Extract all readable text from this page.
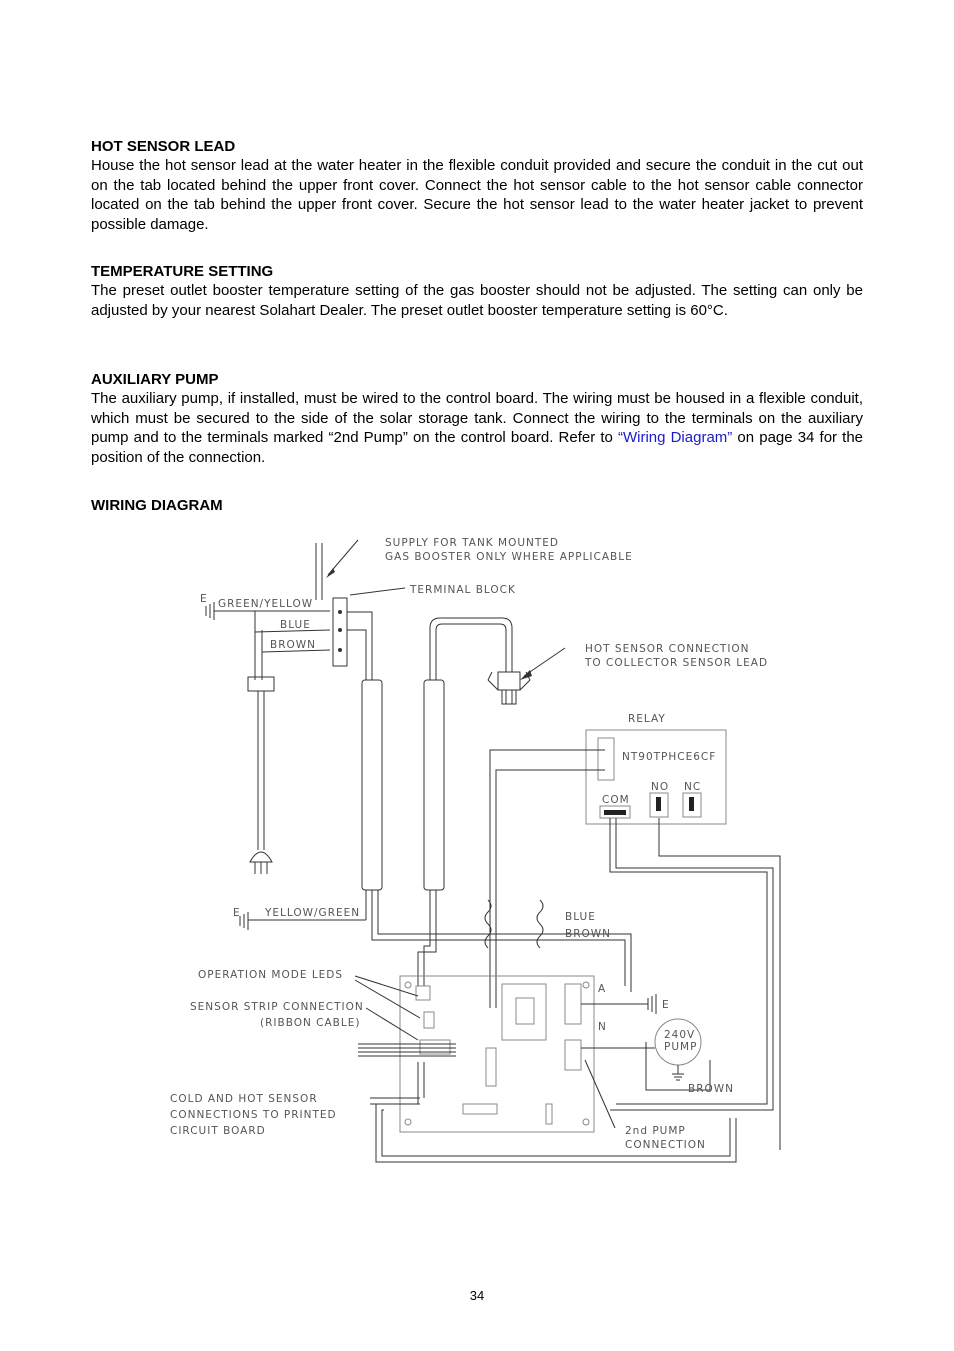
HOT SENSOR LEAD

House the hot sensor lead at the water heater in the flexible conduit provided and secure the conduit in the cut out on the tab located behind the upper front cover. Connect the hot sensor cable to the hot sensor cable connector located on the tab behind the upper front cover. Secure the hot sensor lead to the water heater jacket to prevent possible damage.

TEMPERATURE SETTING

The preset outlet booster temperature setting of the gas booster should not be adjusted. The setting can only be adjusted by your nearest Solahart Dealer. The preset outlet booster temperature setting is 60°C.

AUXILIARY PUMP

The auxiliary pump, if installed, must be wired to the control board. The wiring must be housed in a flexible conduit, which must be secured to the side of the solar storage tank. Connect the wiring to the terminals on the auxiliary pump and to the terminals marked “2nd Pump” on the control board. Refer to “Wiring Diagram” on page 34 for the position of the connection.

WIRING DIAGRAM

SUPPLY FOR TANK MOUNTED
GAS BOOSTER ONLY WHERE APPLICABLE
TERMINAL BLOCK
E GREEN/YELLOW
BLUE
BROWN	HOT SENSOR CONNECTION
TO COLLECTOR SENSOR LEAD
RELAY
NT90TPHCE6CF
NO NC
COM
E YELLOW/GREEN	BLUE
BROWN
OPERATION MODE LEDS
SENSOR STRIP CONNECTION
(RIBBON CABLE)
COLD AND HOT SENSOR
CONNECTIONS TO PRINTED
CIRCUIT BOARD
A
N
E
240V
PUMP
BROWN
2nd PUMP
CONNECTION
34
